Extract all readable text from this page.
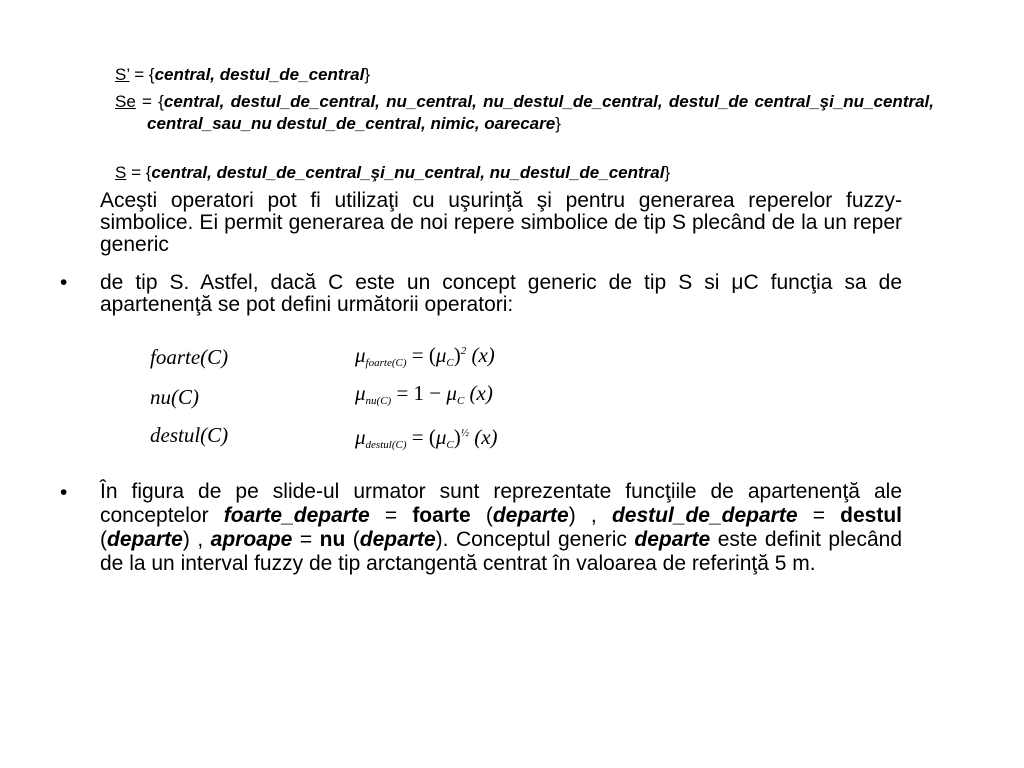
S’ = {central, destul_de_central}
Se = {central, destul_de_central, nu_central, nu_destul_de_central, destul_de central_şi_nu_central, central_sau_nu destul_de_central, nimic, oarecare}
S = {central, destul_de_central_şi_nu_central, nu_destul_de_central}
Aceşti operatori pot fi utilizaţi cu uşurinţă şi pentru generarea reperelor fuzzy-simbolice. Ei permit generarea de noi repere simbolice de tip S plecând de la un reper generic
• de tip S. Astfel, dacă C este un concept generic de tip S si μC funcţia sa de apartenenţă se pot defini următorii operatori:
foarte(C)	$\mu_{foarte(C)} = (\mu_C)^2$ (x)
nu(C)	$\mu_{nu(C)} = 1 - \mu_C$ (x)
destul(C)	$\mu_{destul(C)} = (\mu_C)^{\frac{1}{2}}$ (x)
• În figura de pe slide-ul urmator sunt reprezentate funcţiile de apartenenţă ale conceptelor foarte_departe = foarte (departe) , destul_de_departe = destul (departe) , aproape = nu (departe). Conceptul generic departe este definit plecând de la un interval fuzzy de tip arctangentă centrat în valoarea de referinţă 5 m.
